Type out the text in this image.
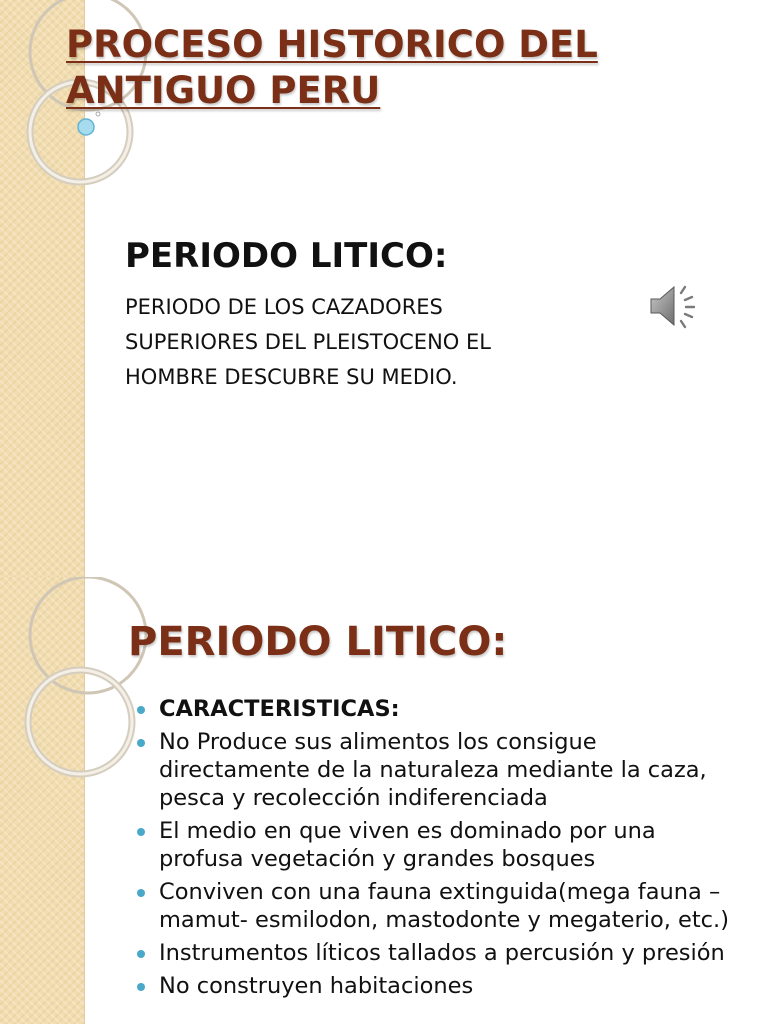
PROCESO HISTORICO DEL ANTIGUO PERU
PERIODO LITICO:

PERIODO DE LOS CAZADORES SUPERIORES DEL PLEISTOCENO EL HOMBRE DESCUBRE SU MEDIO.

PERIODO LITICO:
CARACTERISTICAS:
No Produce sus alimentos los consigue directamente de la naturaleza mediante la caza, pesca y recolección indiferenciada
El medio en que viven es dominado por una profusa vegetación y grandes bosques
Conviven con una fauna extinguida(mega fauna – mamut- esmilodon, mastodonte y megaterio, etc.)
Instrumentos líticos tallados a percusión y presión
No construyen habitaciones
